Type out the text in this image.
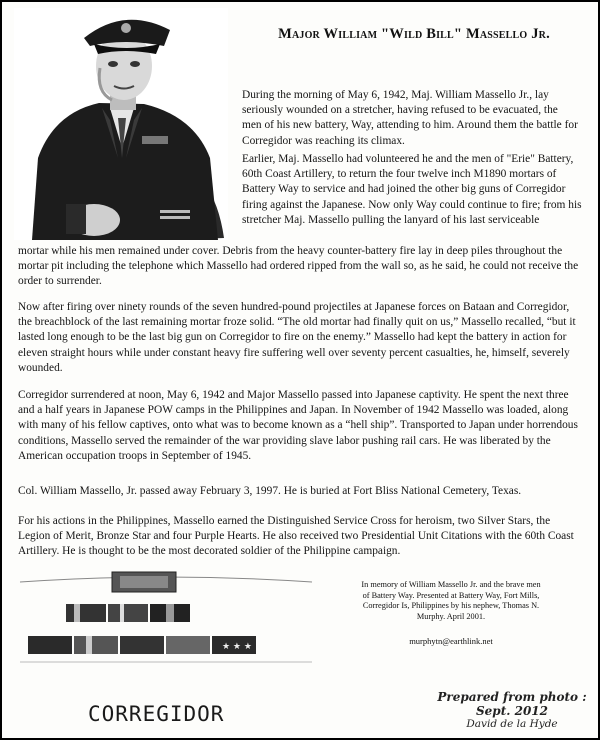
Major William "Wild Bill" Massello Jr.

During the morning of May 6, 1942, Maj. William Massello Jr., lay seriously wounded on a stretcher, having refused to be evacuated, the men of his new battery, Way, attending to him. Around them the battle for Corregidor was reaching its climax.

Earlier, Maj. Massello had volunteered he and the men of "Erie" Battery, 60th Coast Artillery, to return the four twelve inch M1890 mortars of Battery Way to service and had joined the other big guns of Corregidor firing against the Japanese. Now only Way could continue to fire; from his stretcher Maj. Massello pulling the lanyard of his last serviceable

mortar while his men remained under cover. Debris from the heavy counter-battery fire lay in deep piles throughout the mortar pit including the telephone which Massello had ordered ripped from the wall so, as he said, he could not receive the order to surrender.

Now after firing over ninety rounds of the seven hundred-pound projectiles at Japanese forces on Bataan and Corregidor, the breachblock of the last remaining mortar froze solid. “The old mortar had finally quit on us,” Massello recalled, “but it lasted long enough to be the last big gun on Corregidor to fire on the enemy.” Massello had kept the battery in action for eleven straight hours while under constant heavy fire suffering well over seventy percent casualties, he, himself, severely wounded.

Corregidor surrendered at noon, May 6, 1942 and Major Massello passed into Japanese captivity. He spent the next three and a half years in Japanese POW camps in the Philippines and Japan. In November of 1942 Massello was loaded, along with many of his fellow captives, onto what was to become known as a “hell ship”. Transported to Japan under horrendous conditions, Massello served the remainder of the war providing slave labor pushing rail cars. He was liberated by the American occupation troops in September of 1945.

Col. William Massello, Jr. passed away February 3, 1997. He is buried at Fort Bliss National Cemetery, Texas.

For his actions in the Philippines, Massello earned the Distinguished Service Cross for heroism, two Silver Stars, the Legion of Merit, Bronze Star and four Purple Hearts. He also received two Presidential Unit Citations with the 60th Coast Artillery. He is thought to be the most decorated soldier of the Philippine campaign.

★ ★ ★
CORREGIDOR
In memory of William Massello Jr. and the brave men of Battery Way. Presented at Battery Way, Fort Mills, Corregidor Is, Philippines by his nephew, Thomas N. Murphy. April 2001.
murphytn@earthlink.net
Prepared from photo :
Sept. 2012
David de la Hyde
